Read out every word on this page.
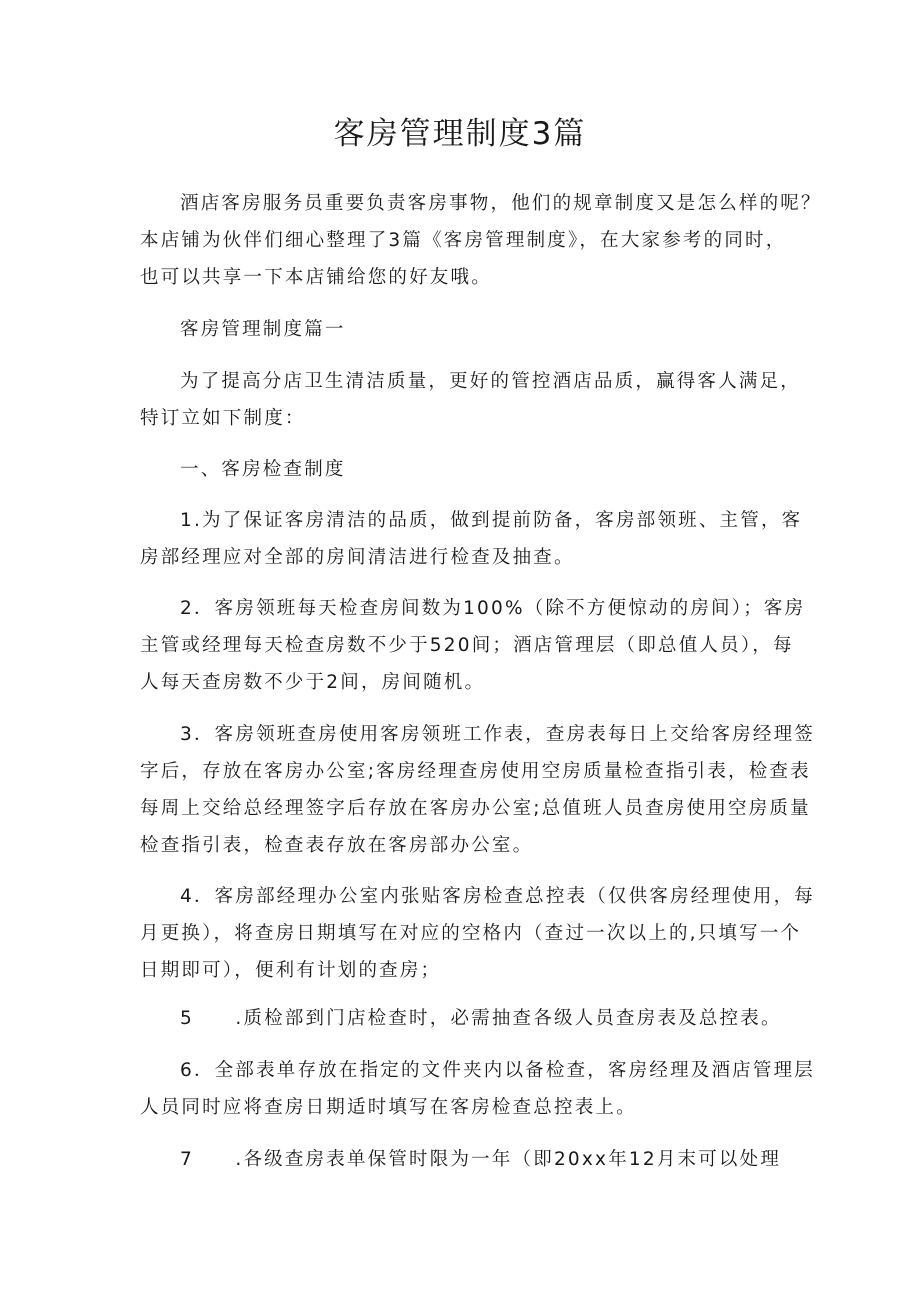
客房管理制度3篇
酒店客房服务员重要负责客房事物，他们的规章制度又是怎么样的呢？
本店铺为伙伴们细心整理了3篇《客房管理制度》，在大家参考的同时，
也可以共享一下本店铺给您的好友哦。
客房管理制度篇一
为了提高分店卫生清洁质量，更好的管控酒店品质，赢得客人满足，
特订立如下制度：
一、客房检查制度
1.为了保证客房清洁的品质，做到提前防备，客房部领班、主管，客
房部经理应对全部的房间清洁进行检查及抽查。
2．客房领班每天检查房间数为100%（除不方便惊动的房间）；客房
主管或经理每天检查房数不少于520间；酒店管理层（即总值人员），每
人每天查房数不少于2间，房间随机。
3．客房领班查房使用客房领班工作表，查房表每日上交给客房经理签
字后，存放在客房办公室;客房经理查房使用空房质量检查指引表，检查表
每周上交给总经理签字后存放在客房办公室;总值班人员查房使用空房质量
检查指引表，检查表存放在客房部办公室。
4．客房部经理办公室内张贴客房检查总控表（仅供客房经理使用，每
月更换），将查房日期填写在对应的空格内（查过一次以上的,只填写一个
日期即可），便利有计划的查房；
5　　.质检部到门店检查时，必需抽查各级人员查房表及总控表。
6．全部表单存放在指定的文件夹内以备检查，客房经理及酒店管理层
人员同时应将查房日期适时填写在客房检查总控表上。
7　　.各级查房表单保管时限为一年（即20xx年12月末可以处理
